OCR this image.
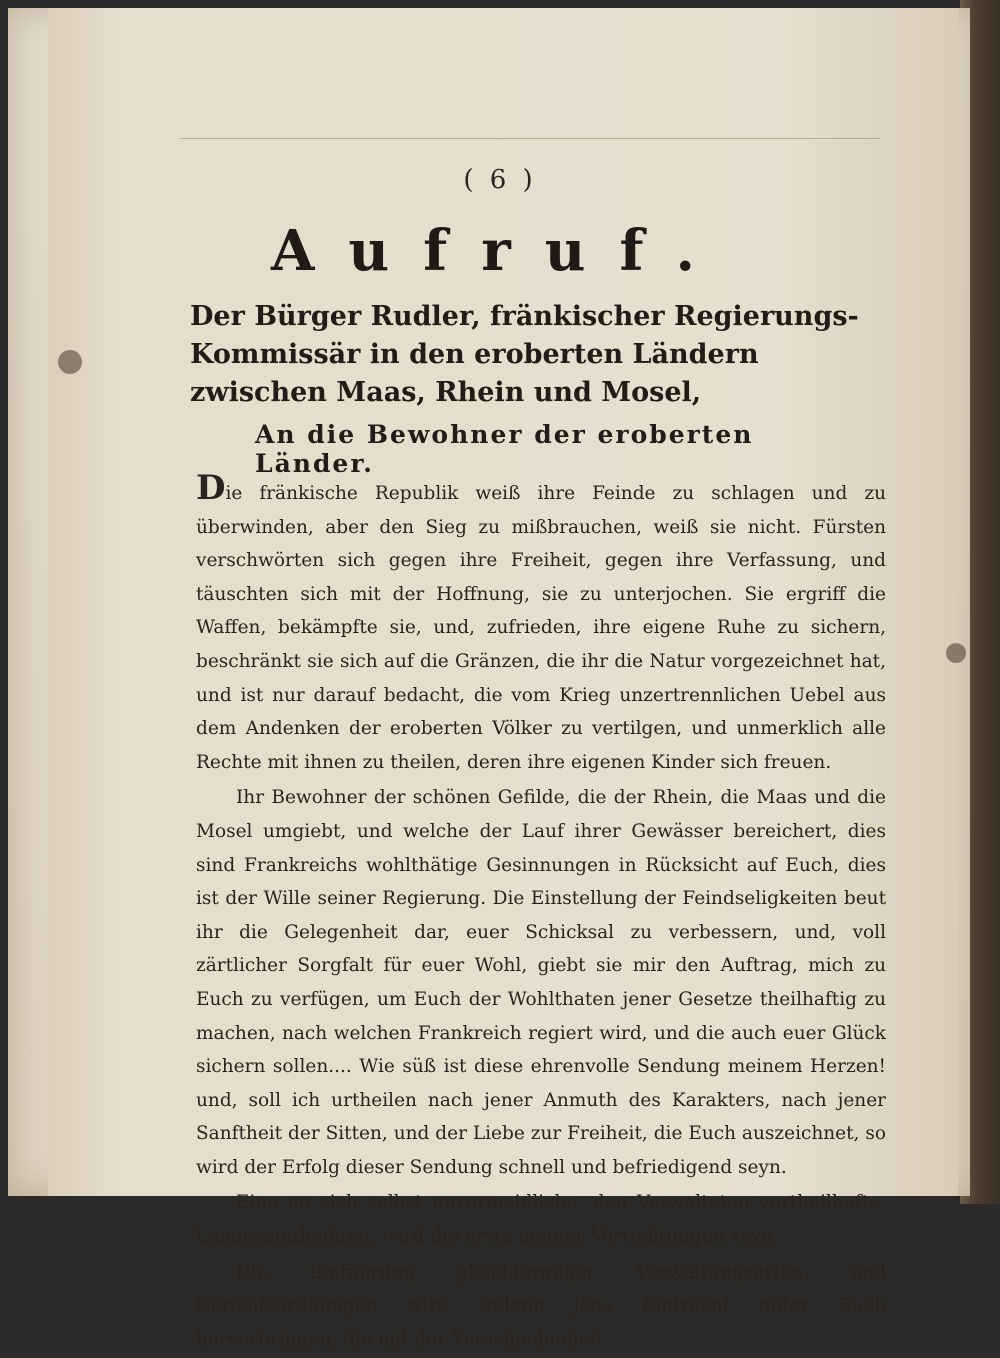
( 6 )
Aufruf.
Der Bürger Rudler, fränkischer Regierungs-Kommissär in den eroberten Ländern zwischen Maas, Rhein und Mosel,
An die Bewohner der eroberten Länder.

Die fränkische Republik weiß ihre Feinde zu schlagen und zu überwinden, aber den Sieg zu mißbrauchen, weiß sie nicht. Fürsten verschwörten sich gegen ihre Freiheit, gegen ihre Verfassung, und täuschten sich mit der Hoffnung, sie zu unterjochen. Sie ergriff die Waffen, bekämpfte sie, und, zufrieden, ihre eigene Ruhe zu sichern, beschränkt sie sich auf die Gränzen, die ihr die Natur vorgezeichnet hat, und ist nur darauf bedacht, die vom Krieg unzertrennlichen Uebel aus dem Andenken der eroberten Völker zu vertilgen, und unmerklich alle Rechte mit ihnen zu theilen, deren ihre eigenen Kinder sich freuen.

Ihr Bewohner der schönen Gefilde, die der Rhein, die Maas und die Mosel umgiebt, und welche der Lauf ihrer Gewässer bereichert, dies sind Frankreichs wohlthätige Gesinnungen in Rücksicht auf Euch, dies ist der Wille seiner Regierung. Die Einstellung der Feindseligkeiten beut ihr die Gelegenheit dar, euer Schicksal zu verbessern, und, voll zärtlicher Sorgfalt für euer Wohl, giebt sie mir den Auftrag, mich zu Euch zu verfügen, um Euch der Wohlthaten jener Gesetze theilhaftig zu machen, nach welchen Frankreich regiert wird, und die auch euer Glück sichern sollen.... Wie süß ist diese ehrenvolle Sendung meinem Herzen! und, soll ich urtheilen nach jener Anmuth des Karakters, nach jener Sanftheit der Sitten, und der Liebe zur Freiheit, die Euch auszeichnet, so wird der Erfolg dieser Sendung schnell und befriedigend seyn.

Eine an sich selbst unvermeidliche, den Verwalteten vortheilhafte, Landeseintheilung, wird die erste meiner Verrichtungen seyn.

Die Einführung gleichförmiger Verwaltungsarten, und Gerichtsordnungen wird sodann jene Eintracht unter Euch hervorbringen, die mit der Verschiedenheit
